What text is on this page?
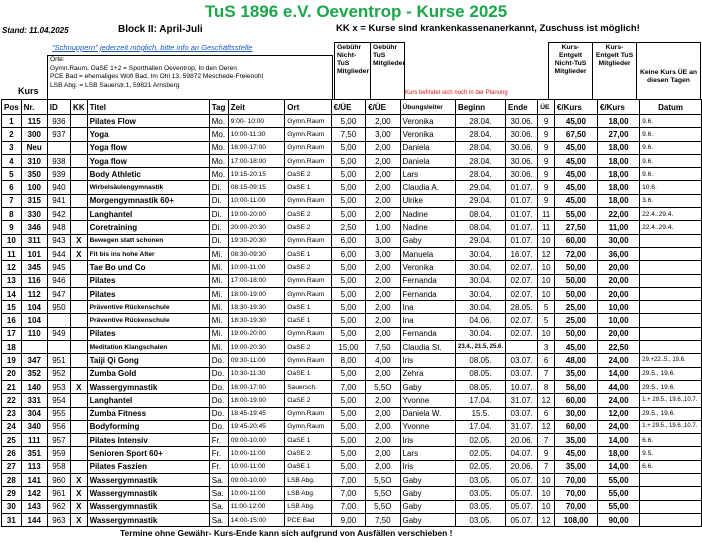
TuS 1896 e.V. Oeventrop - Kurse 2025
Stand: 11.04.2025	Block II: April-Juli	KK x = Kurse sind krankenkassenanerkannt, Zuschuss ist möglich!
"Schnuppern" jederzeit möglich, bitte info an Geschäftsstelle
Orte:
Gymn.Raum, OaSE 1+2 = Sporthallen Oeventrop, In den Oeren
PCE Bad = ehemaliges Wofi Bad, Im Ohl 13, 59872 Meschede-Freienohl
LSB Abg. = LSB Sauerstr.1, 59821 Arnsberg
Kurs
Gebühr Nicht-TuS Mitglieder
Gebühr TuS Mitglieder
Kurs befindet sich noch in der Planung
Kurs-Entgelt Nicht-TuS Mitglieder
Kurs-Entgelt TuS Mitglieder
Keine Kurs ÜE an diesen Tagen
Pos	Nr.	ID	KK	Titel	Tag	Zeit	Ort	€/ÜE	€/ÜE	Übungsleiter	Beginn	Ende	ÜE	€/Kurs	€/Kurs	Datum
1	115	936		Pilates Flow	Mo.	9:00- 10:00	Gymn.Raum	5,00	2,00	Veronika	28.04.	30.06.	9	45,00	18,00	9.6.
2	300	937		Yoga	Mo.	10:00-11:30	Gymn.Raum	7,50	3,00	Veronika	28.04.	30.06.	9	67,50	27,00	9.6.
3	Neu			Yoga flow	Mo.	16:00-17:00	Gymn.Raum	5,00	2,00	Daniela	28.04.	30.06.	9	45,00	18,00	9.6.
4	310	938		Yoga flow	Mo.	17:00-18:00	Gymn.Raum	5,00	2,00	Daniela	28.04.	30.06.	9	45,00	18,00	9.6.
5	350	939		Body Athletic	Mo.	19:15-20:15	OaSE 2	5,00	2,00	Lars	28.04.	30.06.	9	45,00	18,00	9.6.
6	100	940		Wirbelsäulengymnastik	Di.	08:15-09:15	OaSE 1	5,00	2,00	Claudia A.	29.04.	01.07.	9	45,00	18,00	10.6.
7	315	941		Morgengymnastik 60+	Di.	10:00-11:00	Gymn.Raum	5,00	2,00	Ulrike	29.04.	01.07.	9	45,00	18,00	3.6.
8	330	942		Langhantel	Di.	19:00-20:00	OaSE 2	5,00	2,00	Nadine	08.04.	01.07.	11	55,00	22,00	22.4..29.4.
9	346	948		Coretraining	Di.	20:00-20:30	OaSE 2	2,50	1,00	Nadine	08.04.	01.07.	11	27,50	11,00	22.4..29.4.
10	311	943	X	Bewegen statt schonen	Di.	19:30-20:30	Gymn.Raum	6,00	3,00	Gaby	29.04.	01.07.	10	60,00	30,00	
11	101	944	X	Fit bis ins hohe Alter	Mi.	08:30-09:30	OaSE 1	6,00	3,00	Manuela	30.04.	16.07.	12	72,00	36,00	
12	345	945		Tae Bo und Co	Mi.	10:00-11:00	OaSE 2	5,00	2,00	Veronika	30.04.	02.07.	10	50,00	20,00	
13	116	946		Pilates	Mi.	17:00-18:00	Gymn.Raum	5,00	2,00	Fernanda	30.04.	02.07.	10	50,00	20,00	
14	112	947		Pilates	Mi.	18:00-19:00	Gymn.Raum	5,00	2,00	Fernanda	30.04.	02.07.	10	50,00	20,00	
15	104	950		Präventive Rückenschule	Mi.	18:30-19:30	OaSE 1	5,00	2,00	Ina	30.04.	28.05.	5	25,00	10,00	
16	104			Präventive Rückenschule	Mi.	18:30-19:30	OaSE 1	5,00	2,00	Ina	04.06.	02.07.	5	25,00	10,00	
17	110	949		Pilates	Mi.	19:00-20:00	Gymn.Raum	5,00	2,00	Fernanda	30.04.	02.07.	10	50,00	20,00	
18				Meditation Klangschalen	Mi.	19:00-20:30	OaSE 2	15,00	7,50	Claudia St.	23.4., 21.5, 25.6.		3	45,00	22,50	
19	347	951		Taiji Qi Gong	Do.	09:30-11:00	Gymn.Raum	8,00	4,00	Iris	08.05.	03.07.	6	48,00	24,00	29.+22..5., 19.6.
20	352	952		Zumba Gold	Do.	10:30-11:30	OaSE 1	5,00	2,00	Zehra	08.05.	03.07.	7	35,00	14,00	29.5., 19.6.
21	140	953	X	Wassergymnastik	Do.	16:00-17:00	Sauersch.	7,00	5,5O	Gaby	08.05.	10.07.	8	56,00	44,00	29.5., 19.6.
22	331	954		Langhantel	Do.	18:00-19:00	OaSE 2	5,00	2,00	Yvonne	17.04.	31.07.	12	60,00	24,00	1.+ 29.5., 19.6.,10.7.
23	304	955		Zumba Fitness	Do.	18:45-19:45	Gymn.Raum	5,00	2,00	Daniela W.	15.5.	03.07.	6	30,00	12,00	29.5., 19.6.
24	340	956		Bodyforming	Do.	19:45-20:45	Gymn.Raum	5,00	2,00	Yvonne	17.04.	31.07.	12	60,00	24,00	1.+ 29.5., 19.6.,10.7.
25	111	957		Pilates Intensiv	Fr.	09:00-10:00	OaSE 1	5,00	2,00	Iris	02.05.	20.06.	7	35,00	14,00	6.6.
26	351	959		Senioren Sport 60+	Fr.	10:00-11:00	OaSE 2	5,00	2,00	Lars	02.05.	04.07.	9	45,00	18,00	9.5.
27	113	958		Pilates Faszien	Fr.	10:00-11:00	OaSE 1	5,00	2,00	Iris	02.05.	20.06.	7	35,00	14,00	6.6.
28	141	960	X	Wassergymnastik	Sa.	09:00-10:00	LSB Abg.	7,00	5,5O	Gaby	03.05.	05.07.	10	70,00	55,00	
29	142	961	X	Wassergymnastik	Sa.	10:00-11:00	LSB Abg.	7,00	5,5O	Gaby	03.05.	05.07.	10	70,00	55,00	
30	143	962	X	Wassergymnastik	Sa.	11:00-12:00	LSB Abg.	7,00	5,5O	Gaby	03.05.	05.07.	10	70,00	55,00	
31	144	963	X	Wassergymnastik	Sa.	14:00-15:00	PCE Bad	9,00	7,50	Gaby	03.05.	05.07.	12	108,00	90,00	
Termine ohne Gewähr- Kurs-Ende kann sich aufgrund von Ausfällen verschieben !
